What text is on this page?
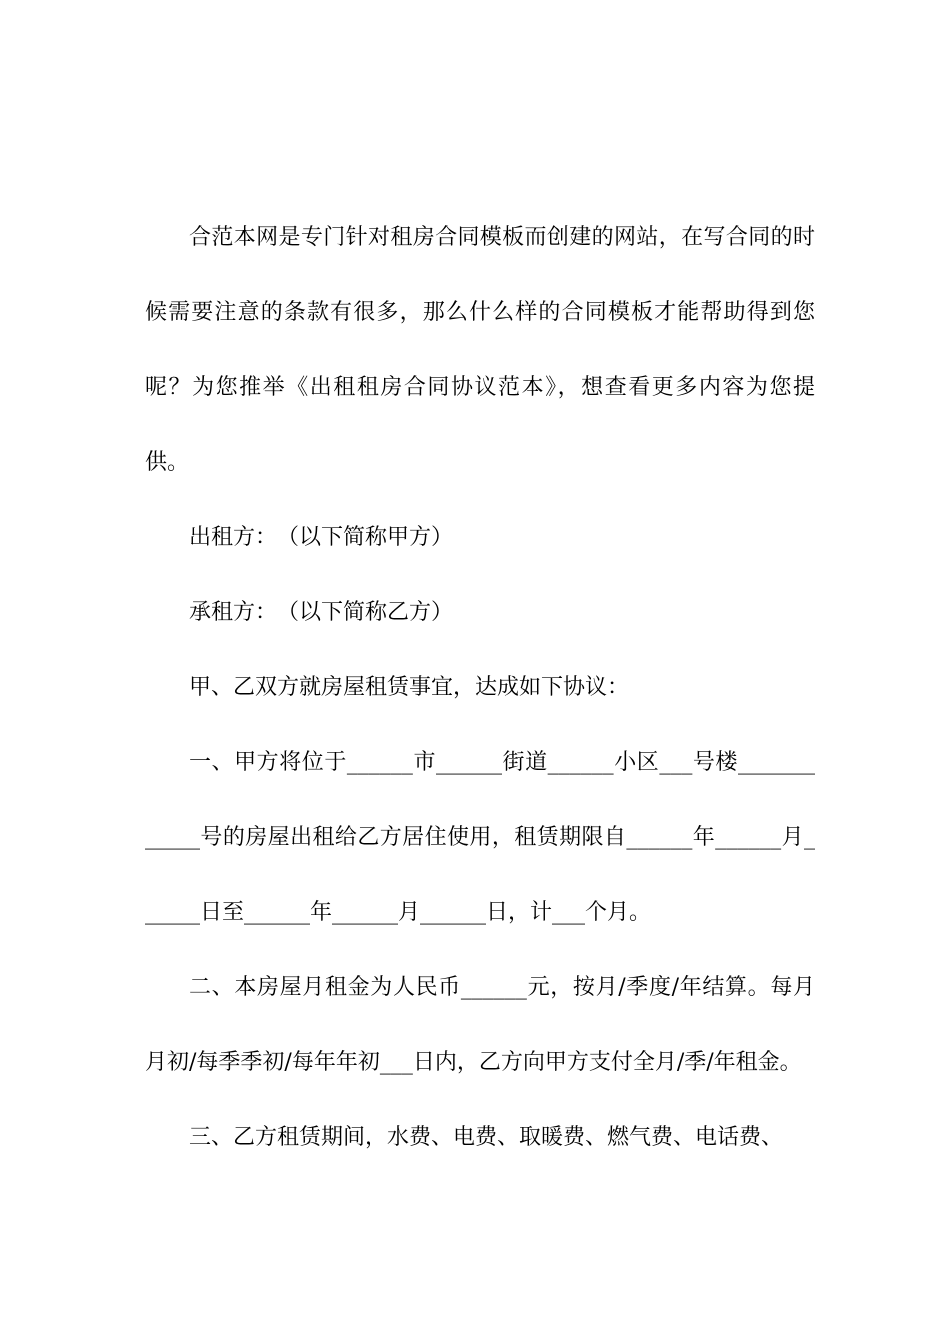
合范本网是专门针对租房合同模板而创建的网站，在写合同的时候需要注意的条款有很多，那么什么样的合同模板才能帮助得到您呢？为您推举《出租租房合同协议范本》，想查看更多内容为您提供。

出租方：　（以下简称甲方）

承租方：　（以下简称乙方）

甲、乙双方就房屋租赁事宜，达成如下协议：

一、甲方将位于______市______街道______小区___号楼____________号的房屋出租给乙方居住使用，租赁期限自______年______月______日至______年______月______日，计___个月。

二、本房屋月租金为人民币______元，按月/季度/年结算。每月月初/每季季初/每年年初___日内，乙方向甲方支付全月/季/年租金。

三、乙方租赁期间，水费、电费、取暖费、燃气费、电话费、
